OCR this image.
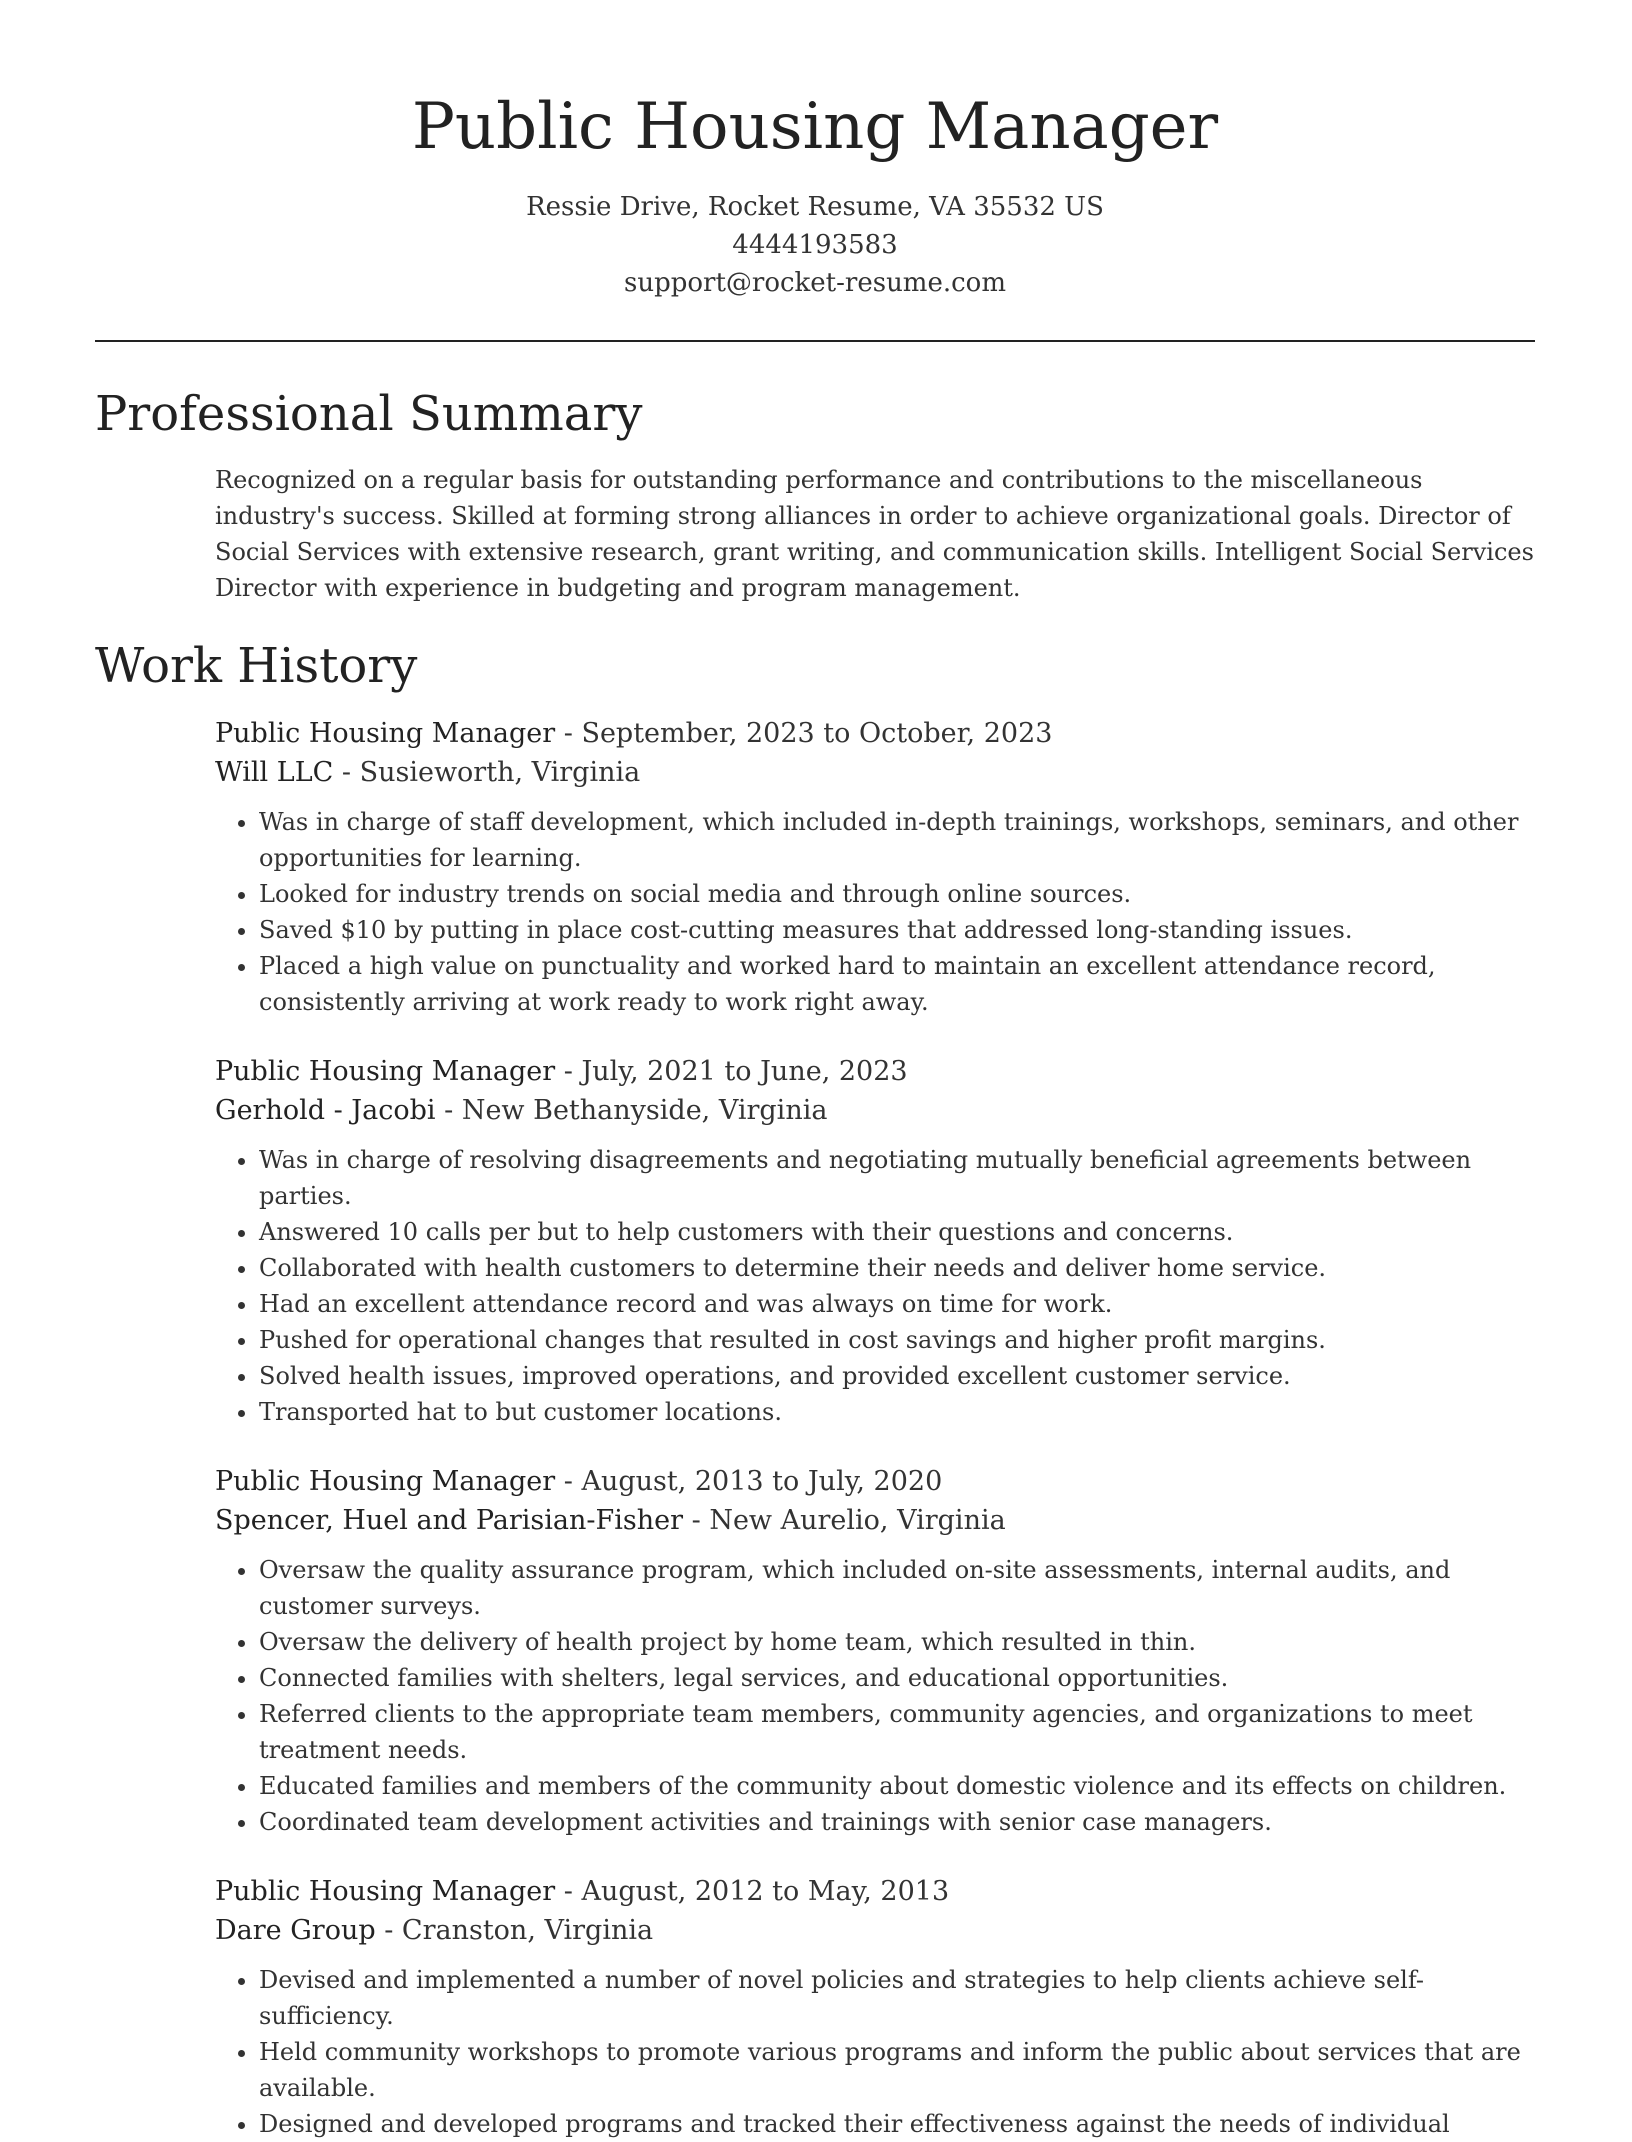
Public Housing Manager
Ressie Drive, Rocket Resume, VA 35532 US
4444193583
support@rocket-resume.com
Professional Summary

Recognized on a regular basis for outstanding performance and contributions to the miscellaneous industry's success. Skilled at forming strong alliances in order to achieve organizational goals. Director of Social Services with extensive research, grant writing, and communication skills. Intelligent Social Services Director with experience in budgeting and program management.

Work History
Public Housing Manager - September, 2023 to October, 2023
Will LLC - Susieworth, Virginia
• Was in charge of staff development, which included in-depth trainings, workshops, seminars, and other opportunities for learning.
• Looked for industry trends on social media and through online sources.
• Saved $10 by putting in place cost-cutting measures that addressed long-standing issues.
• Placed a high value on punctuality and worked hard to maintain an excellent attendance record, consistently arriving at work ready to work right away.
Public Housing Manager - July, 2021 to June, 2023
Gerhold - Jacobi - New Bethanyside, Virginia
• Was in charge of resolving disagreements and negotiating mutually beneficial agreements between parties.
• Answered 10 calls per but to help customers with their questions and concerns.
• Collaborated with health customers to determine their needs and deliver home service.
• Had an excellent attendance record and was always on time for work.
• Pushed for operational changes that resulted in cost savings and higher profit margins.
• Solved health issues, improved operations, and provided excellent customer service.
• Transported hat to but customer locations.
Public Housing Manager - August, 2013 to July, 2020
Spencer, Huel and Parisian-Fisher - New Aurelio, Virginia
• Oversaw the quality assurance program, which included on-site assessments, internal audits, and customer surveys.
• Oversaw the delivery of health project by home team, which resulted in thin.
• Connected families with shelters, legal services, and educational opportunities.
• Referred clients to the appropriate team members, community agencies, and organizations to meet treatment needs.
• Educated families and members of the community about domestic violence and its effects on children.
• Coordinated team development activities and trainings with senior case managers.
Public Housing Manager - August, 2012 to May, 2013
Dare Group - Cranston, Virginia
• Devised and implemented a number of novel policies and strategies to help clients achieve self-sufficiency.
• Held community workshops to promote various programs and inform the public about services that are available.
• Designed and developed programs and tracked their effectiveness against the needs of individual
